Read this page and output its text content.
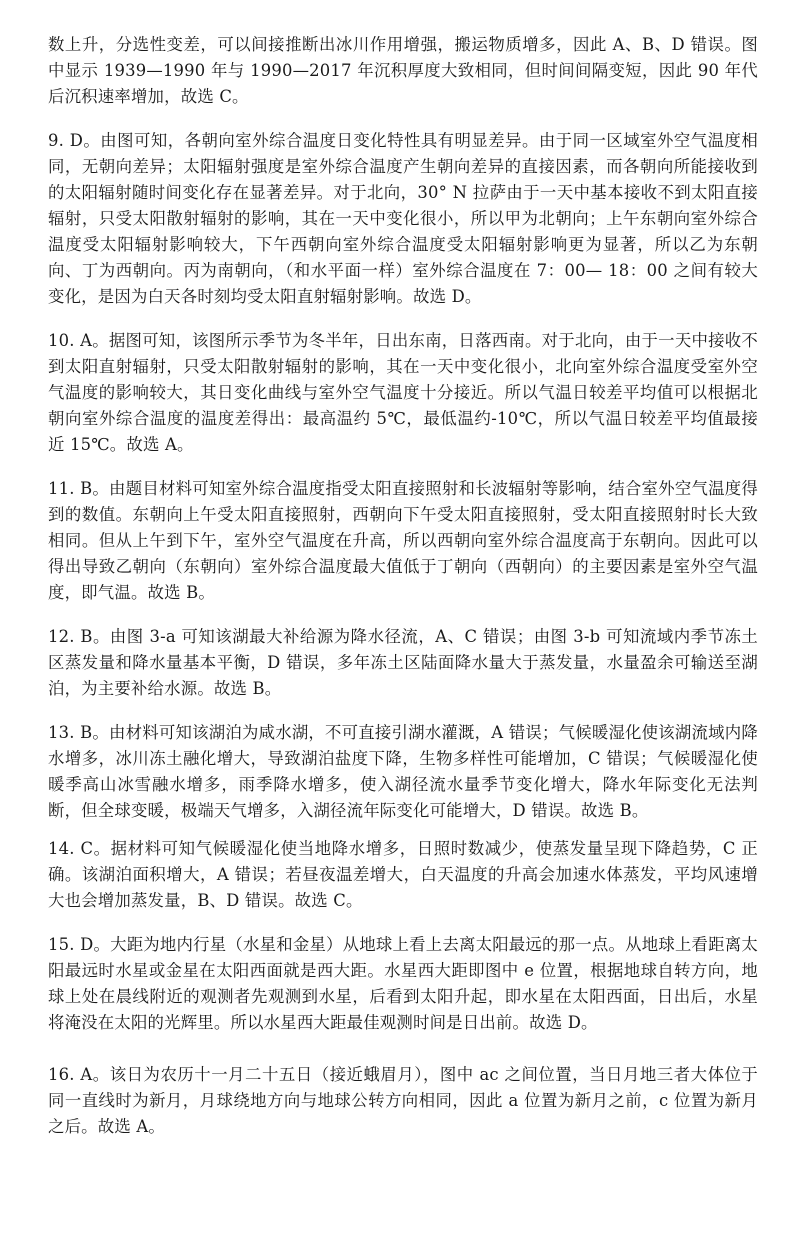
数上升，分选性变差，可以间接推断出冰川作用增强，搬运物质增多，因此 A、B、D 错误。图中显示 1939—1990 年与 1990—2017 年沉积厚度大致相同，但时间间隔变短，因此 90 年代后沉积速率增加，故选 C。

9. D。由图可知，各朝向室外综合温度日变化特性具有明显差异。由于同一区域室外空气温度相同，无朝向差异；太阳辐射强度是室外综合温度产生朝向差异的直接因素，而各朝向所能接收到的太阳辐射随时间变化存在显著差异。对于北向，30° N 拉萨由于一天中基本接收不到太阳直接辐射，只受太阳散射辐射的影响，其在一天中变化很小，所以甲为北朝向；上午东朝向室外综合温度受太阳辐射影响较大，下午西朝向室外综合温度受太阳辐射影响更为显著，所以乙为东朝向、丁为西朝向。丙为南朝向，（和水平面一样）室外综合温度在 7：00— 18：00 之间有较大变化，是因为白天各时刻均受太阳直射辐射影响。故选 D。

10. A。据图可知，该图所示季节为冬半年，日出东南，日落西南。对于北向，由于一天中接收不到太阳直射辐射，只受太阳散射辐射的影响，其在一天中变化很小，北向室外综合温度受室外空气温度的影响较大，其日变化曲线与室外空气温度十分接近。所以气温日较差平均值可以根据北朝向室外综合温度的温度差得出：最高温约 5℃，最低温约-10℃，所以气温日较差平均值最接近 15℃。故选 A。

11. B。由题目材料可知室外综合温度指受太阳直接照射和长波辐射等影响，结合室外空气温度得到的数值。东朝向上午受太阳直接照射，西朝向下午受太阳直接照射，受太阳直接照射时长大致相同。但从上午到下午，室外空气温度在升高，所以西朝向室外综合温度高于东朝向。因此可以得出导致乙朝向（东朝向）室外综合温度最大值低于丁朝向（西朝向）的主要因素是室外空气温度，即气温。故选 B。

12. B。由图 3-a 可知该湖最大补给源为降水径流，A、C 错误；由图 3-b 可知流域内季节冻土区蒸发量和降水量基本平衡，D 错误，多年冻土区陆面降水量大于蒸发量，水量盈余可输送至湖泊，为主要补给水源。故选 B。

13. B。由材料可知该湖泊为咸水湖，不可直接引湖水灌溉，A 错误；气候暖湿化使该湖流域内降水增多，冰川冻土融化增大，导致湖泊盐度下降，生物多样性可能增加，C 错误；气候暖湿化使暖季高山冰雪融水增多，雨季降水增多，使入湖径流水量季节变化增大，降水年际变化无法判断，但全球变暖，极端天气增多，入湖径流年际变化可能增大，D 错误。故选 B。

14. C。据材料可知气候暖湿化使当地降水增多，日照时数减少，使蒸发量呈现下降趋势，C 正确。该湖泊面积增大，A 错误；若昼夜温差增大，白天温度的升高会加速水体蒸发，平均风速增大也会增加蒸发量，B、D 错误。故选 C。

15. D。大距为地内行星（水星和金星）从地球上看上去离太阳最远的那一点。从地球上看距离太阳最远时水星或金星在太阳西面就是西大距。水星西大距即图中 e 位置，根据地球自转方向，地球上处在晨线附近的观测者先观测到水星，后看到太阳升起，即水星在太阳西面，日出后，水星将淹没在太阳的光辉里。所以水星西大距最佳观测时间是日出前。故选 D。

16. A。该日为农历十一月二十五日（接近蛾眉月），图中 ac 之间位置，当日月地三者大体位于同一直线时为新月，月球绕地方向与地球公转方向相同，因此 a 位置为新月之前，c 位置为新月之后。故选 A。
